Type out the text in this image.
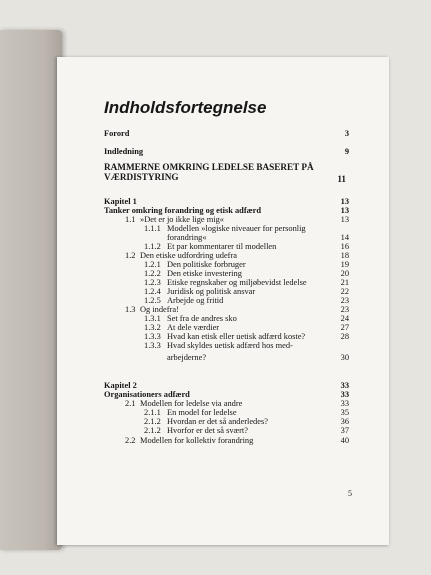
Indholdsfortegnelse
RAMMERNE OMKRING LEDELSE BASERET PÅ
VÆRDISTYRING	11
Forord	3
Indledning	9
Kapitel 1	13
Tanker omkring forandring og etisk adfærd	13
1.1 »Det er jo ikke lige mig«	13
1.1.1 Modellen »logiske niveauer for personlig
forandring«	14
1.1.2 Et par kommentarer til modellen	16
1.2 Den etiske udfordring udefra	18
1.2.1 Den politiske forbruger	19
1.2.2 Den etiske investering	20
1.2.3 Etiske regnskaber og miljøbevidst ledelse	21
1.2.4 Juridisk og politisk ansvar	22
1.2.5 Arbejde og fritid	23
1.3 Og indefra!	23
1.3.1 Set fra de andres sko	24
1.3.2 At dele værdier	27
1.3.3 Hvad kan etisk eller uetisk adfærd koste?	28
1.3.3 Hvad skyldes uetisk adfærd hos med-
arbejderne?	30
Kapitel 2	33
Organisationers adfærd	33
2.1 Modellen for ledelse via andre	33
2.1.1 En model for ledelse	35
2.1.2 Hvordan er det så anderledes?	36
2.1.2 Hvorfor er det så svært?	37
2.2 Modellen for kollektiv forandring	40
5
